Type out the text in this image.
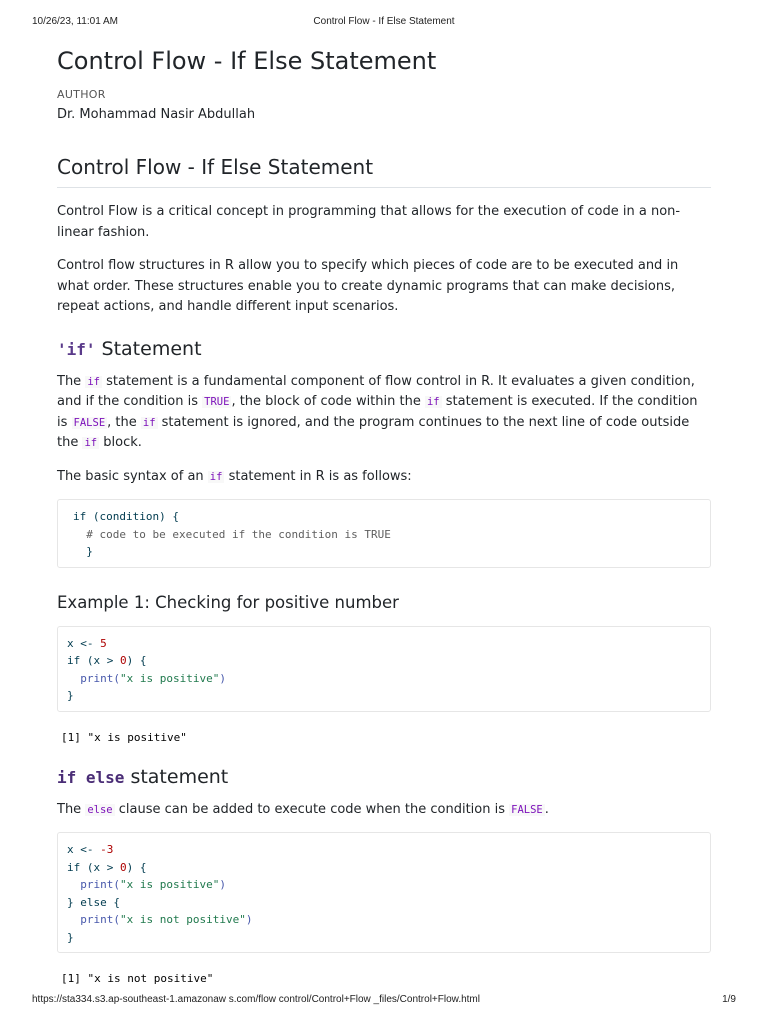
10/26/23, 11:01 AM	Control Flow - If Else Statement
Control Flow - If Else Statement
AUTHOR
Dr. Mohammad Nasir Abdullah
Control Flow - If Else Statement

Control Flow is a critical concept in programming that allows for the execution of code in a non-linear fashion.

Control flow structures in R allow you to specify which pieces of code are to be executed and in what order. These structures enable you to create dynamic programs that can make decisions, repeat actions, and handle different input scenarios.

'if' Statement

The if statement is a fundamental component of flow control in R. It evaluates a given condition, and if the condition is TRUE , the block of code within the if statement is executed. If the condition is FALSE , the if statement is ignored, and the program continues to the next line of code outside the if block.

The basic syntax of an if statement in R is as follows:

if (condition) {
# code to be executed if the condition is TRUE
}
Example 1: Checking for positive number
x <- 5
if (x > 0) {
print("x is positive")
}
[1] "x is positive"
if else statement

The else clause can be added to execute code when the condition is FALSE .

x <- -3
if (x > 0) {
print("x is positive")
} else {
print("x is not positive")
}
[1] "x is not positive"
https://sta334.s3.ap-southeast-1.amazonaw s.com/flow control/Control+Flow _files/Control+Flow.html	1/9
